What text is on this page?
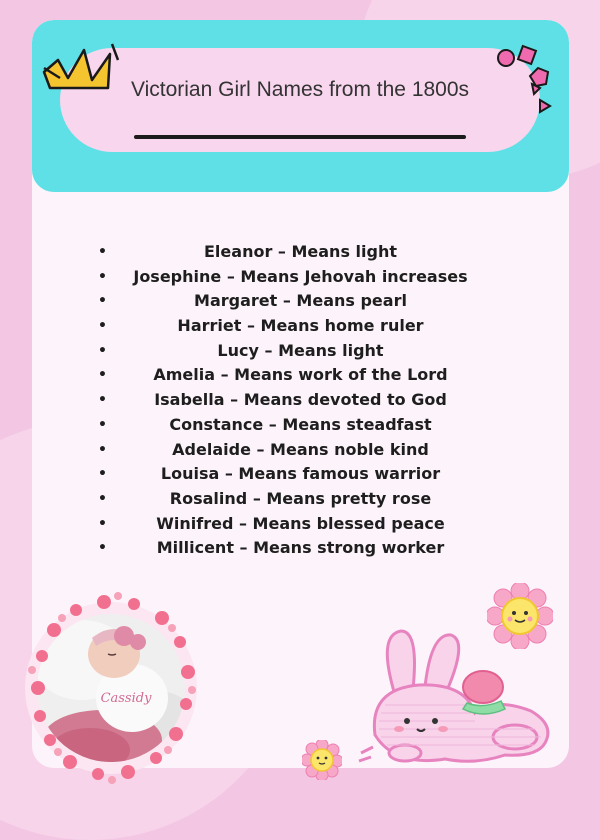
Victorian Girl Names from the 1800s
•	Eleanor – Means light
• Josephine – Means Jehovah increases
•	Margaret – Means pearl
•	Harriet – Means home ruler
•	Lucy – Means light
•	Amelia – Means work of the Lord
•	Isabella – Means devoted to God
•	Constance – Means steadfast
•	Adelaide – Means noble kind
•	Louisa – Means famous warrior
•	Rosalind – Means pretty rose
•	Winifred – Means blessed peace
•	Millicent – Means strong worker
Cassidy
